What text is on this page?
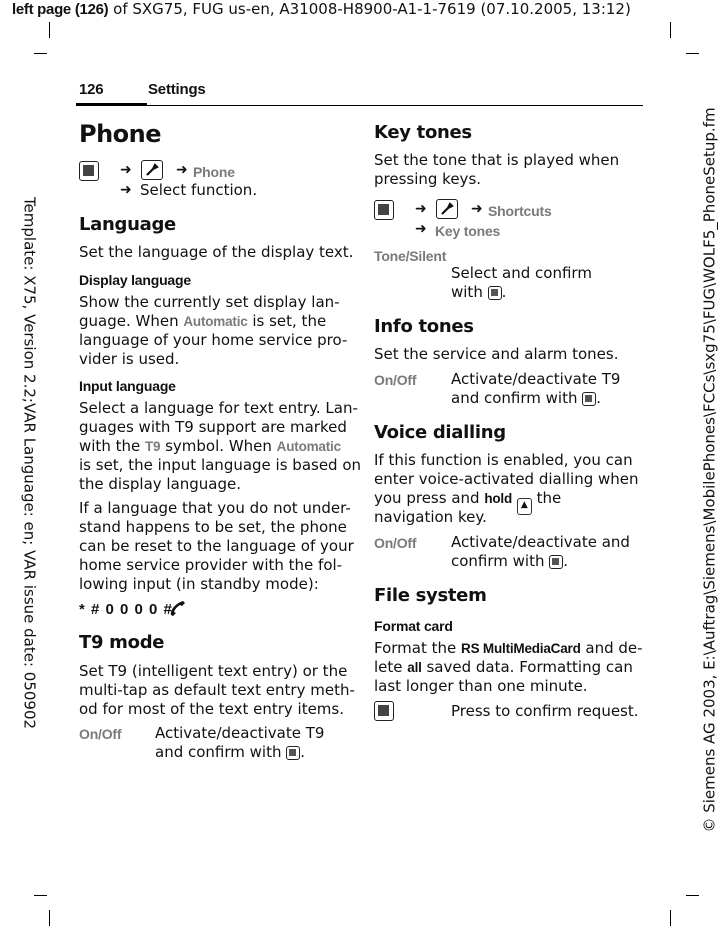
left page (126) of SXG75, FUG us-en, A31008-H8900-A1-1-7619 (07.10.2005, 13:12)
Template: X75, Version 2.2;VAR Language: en; VAR issue date: 050902	© Siemens AG 2003, E:\Auftrag\Siemens\MobilePhones\FCCs\sxg75\FUG\WOLF5_PhoneSetup.fm
126	Settings
Phone
➜	➜ Phone
➜ Select function.
Language
Set the language of the display text.
Display language
Show the currently set display lan-
guage. When Automatic is set, the
language of your home service pro-
vider is used.
Input language
Select a language for text entry. Lan-
guages with T9 support are marked
with the T9 symbol. When Automatic
is set, the input language is based on
the display language.
If a language that you do not under-
stand happens to be set, the phone
can be reset to the language of your
home service provider with the fol-
lowing input (in standby mode):
* # 0 0 0 0 #
T9 mode
Set T9 (intelligent text entry) or the
multi-tap as default text entry meth-
od for most of the text entry items.
On/Off Activate/deactivate T9
and confirm with .
Key tones
Set the tone that is played when
pressing keys.
➜	➜ Shortcuts
➜ Key tones
Tone/Silent
Select and confirm
with .
Info tones
Set the service and alarm tones.
On/Off Activate/deactivate T9
and confirm with .
Voice dialling
If this function is enabled, you can
enter voice-activated dialling when
you press and hold ▲ the
navigation key.
On/Off Activate/deactivate and
confirm with .
File system
Format card
Format the RS MultiMediaCard and de-
lete all saved data. Formatting can
last longer than one minute.
Press to confirm request.
